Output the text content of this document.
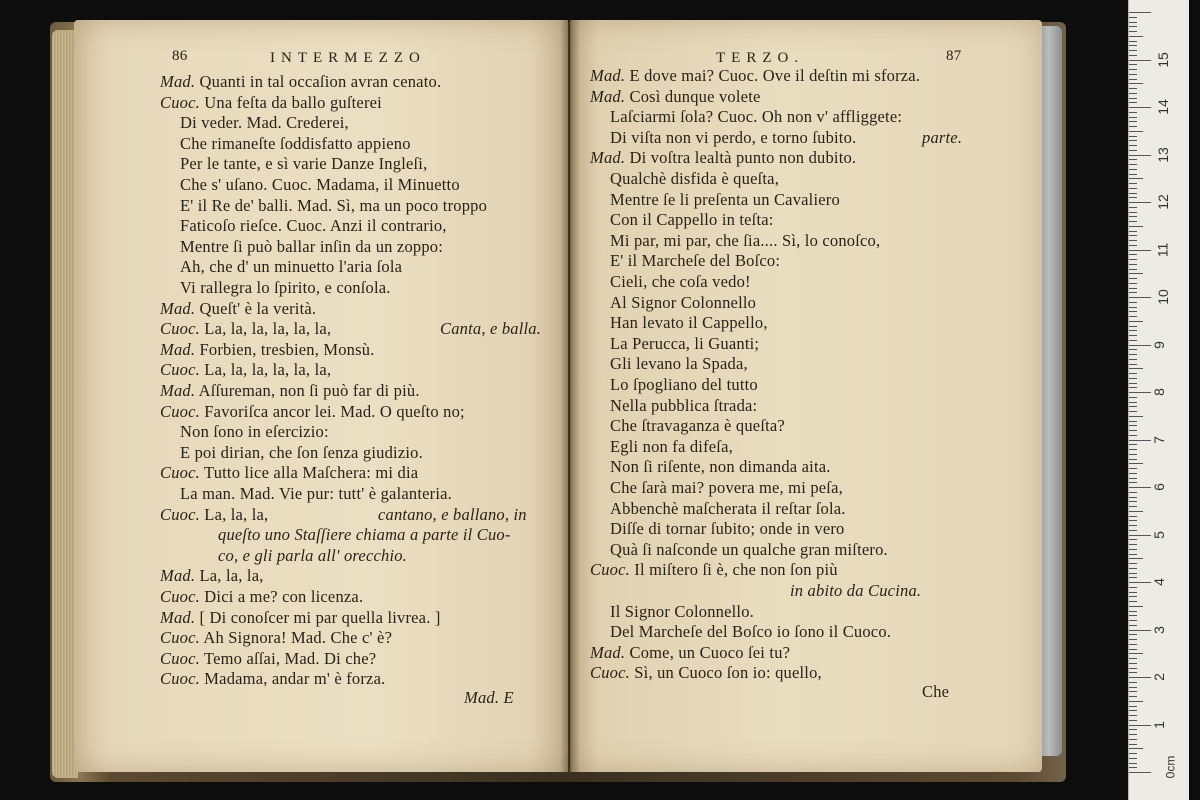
86	INTERMEZZO
Mad. Quanti in tal occaſion avran cenato.
Cuoc. Una feſta da ballo guſterei
Di veder. Mad. Crederei,
Che rimaneſte ſoddisfatto appieno
Per le tante, e sì varie Danze Ingleſi,
Che s' uſano. Cuoc. Madama, il Minuetto
E' il Re de' balli. Mad. Sì, ma un poco troppo
Faticoſo rieſce. Cuoc. Anzi il contrario,
Mentre ſi può ballar inſin da un zoppo:
Ah, che d' un minuetto l'aria ſola
Vi rallegra lo ſpirito, e conſola.
Mad. Queſt' è la verità.
Cuoc. La, la, la, la, la, la,
Mad. Forbien, tresbien, Monsù.
Cuoc. La, la, la, la, la, la,
Mad. Aſſureman, non ſi può far di più.
Cuoc. Favoriſca ancor lei. Mad. O queſto no;
Non ſono in eſercizio:
E poi dirian, che ſon ſenza giudizio.
Cuoc. Tutto lice alla Maſchera: mi dia
La man. Mad. Vie pur: tutt' è galanteria.
Cuoc. La, la, la,
queſto uno Staſſiere chiama a parte il Cuo-
co, e gli parla all' orecchio.
Mad. La, la, la,
Cuoc. Dici a me? con licenza.
Mad. [ Di conoſcer mi par quella livrea. ]
Cuoc. Ah Signora! Mad. Che c' è?
Cuoc. Temo aſſai, Mad. Di che?
Cuoc. Madama, andar m' è forza.
Canta, e balla.
cantano, e ballano, in
Mad. E
TERZO.	87
Mad. E dove mai? Cuoc. Ove il deſtin mi sforza.
Mad. Così dunque volete
Laſciarmi ſola? Cuoc. Oh non v' affliggete:
Di viſta non vi perdo, e torno ſubito.
Mad. Di voſtra lealtà punto non dubito.
Qualchè disfida è queſta,
Mentre ſe li preſenta un Cavaliero
Con il Cappello in teſta:
Mi par, mi par, che ſia.... Sì, lo conoſco,
E' il Marcheſe del Boſco:
Cieli, che coſa vedo!
Al Signor Colonnello
Han levato il Cappello,
La Perucca, li Guanti;
Gli levano la Spada,
Lo ſpogliano del tutto
Nella pubblica ſtrada:
Che ſtravaganza è queſta?
Egli non fa difeſa,
Non ſi riſente, non dimanda aita.
Che ſarà mai? povera me, mi peſa,
Abbenchè maſcherata il reſtar ſola.
Diſſe di tornar ſubito; onde in vero
Quà ſi naſconde un qualche gran miſtero.
Cuoc. Il miſtero ſi è, che non ſon più
in abito da Cucina.
Il Signor Colonnello.
Del Marcheſe del Boſco io ſono il Cuoco.
Mad. Come, un Cuoco ſei tu?
Cuoc. Sì, un Cuoco ſon io: quello,
parte.
Che
0cm
1
2
3
4
5
6
7
8
9
10
11
12
13
14
15
